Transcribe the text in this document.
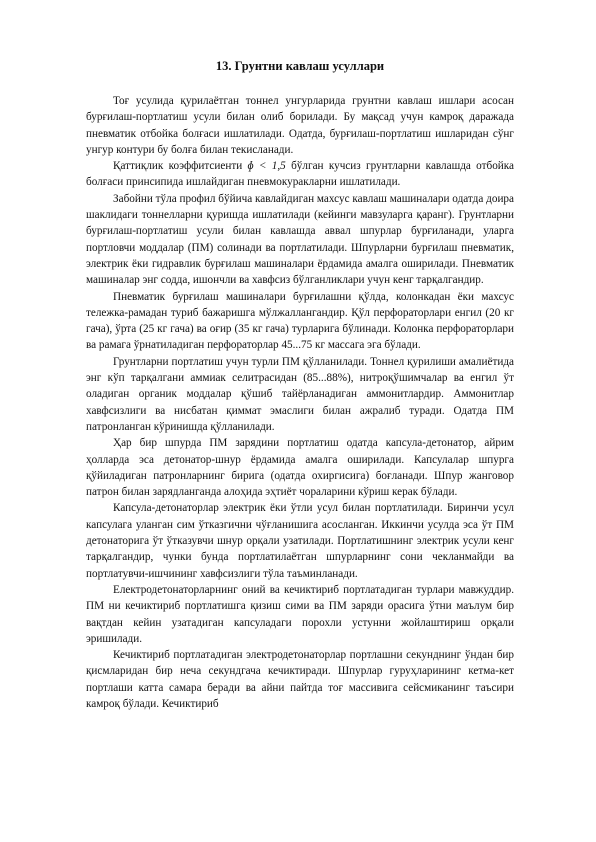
13. Грунтни кавлаш усуллари

Тоғ усулида қурилаётган тоннел унгурларида грунтни кавлаш ишлари асосан бурғилаш-портлатиш усули билан олиб борилади. Бу мақсад учун камроқ даражада пневматик отбойка болғаси ишлатилади. Одатда, бурғилаш-портлатиш ишларидан сўнг унгур контури бу болға билан текисланади.

Қаттиқлик коэффитсиенти ɸ < 1,5 бўлган кучсиз грунтларни кавлашда отбойка болғаси принсипида ишлайдиган пневмокуракларни ишлатилади.

Забойни тўла профил бўйича кавлайдиган махсус кавлаш машиналари одатда доира шаклидаги тоннелларни қуришда ишлатилади (кейинги мавзуларга қаранг). Грунтларни бурғилаш-портлатиш усули билан кавлашда аввал шпурлар бурғиланади, уларга портловчи моддалар (ПМ) солинади ва портлатилади. Шпурларни бурғилаш пневматик, электрик ёки гидравлик бурғилаш машиналари ёрдамида амалга оширилади. Пневматик машиналар энг содда, ишончли ва хавфсиз бўлганликлари учун кенг тарқалгандир.

Пневматик бурғилаш машиналари бурғилашни қўлда, колонкадан ёки махсус тележка-рамадан туриб бажаришга мўлжаллангандир. Қўл перфораторлари енгил (20 кг гача), ўрта (25 кг гача) ва оғир (35 кг гача) турларига бўлинади. Колонка перфораторлари ва рамага ўрнатиладиган перфораторлар 45...75 кг массага эга бўлади.

Грунтларни портлатиш учун турли ПМ қўлланилади. Тоннел қурилиши амалиётида энг кўп тарқалгани аммиак селитрасидан (85...88%), нитроқўшимчалар ва енгил ўт оладиган органик моддалар қўшиб тайёрланадиган аммонитлардир. Аммонитлар хавфсизлиги ва нисбатан қиммат эмаслиги билан ажралиб туради. Одатда ПМ патронланган кўринишда қўлланилади.

Ҳар бир шпурда ПМ зарядини портлатиш одатда капсула-детонатор, айрим ҳолларда эса детонатор-шнур ёрдамида амалга оширилади. Капсулалар шпурга қўйиладиган патронларнинг бирига (одатда охиргисига) боғланади. Шпур жанговор патрон билан зарядланганда алоҳида эҳтиёт чораларини кўриш керак бўлади.

Капсула-детонаторлар электрик ёки ўтли усул билан портлатилади. Биринчи усул капсулага уланган сим ўтказгични чўғланишига асосланган. Иккинчи усулда эса ўт ПМ детонаторига ўт ўтказувчи шнур орқали узатилади. Портлатишнинг электрик усули кенг тарқалгандир, чунки бунда портлатилаётган шпурларнинг сони чекланмайди ва портлатувчи-ишчининг хавфсизлиги тўла таъминланади.

Електродетонаторларнинг оний ва кечиктириб портлатадиган турлари мавжуддир. ПМ ни кечиктириб портлатишга қизиш сими ва ПМ заряди орасига ўтни маълум бир вақтдан кейин узатадиган капсуладаги порохли устунни жойлаштириш орқали эришилади.

Кечиктириб портлатадиган электродетонаторлар портлашни секунднинг ўндан бир қисмларидан бир неча секундгача кечиктиради. Шпурлар гуруҳларининг кетма-кет портлаши катта самара беради ва айни пайтда тоғ массивига сейсмиканинг таъсири камроқ бўлади. Кечиктириб
